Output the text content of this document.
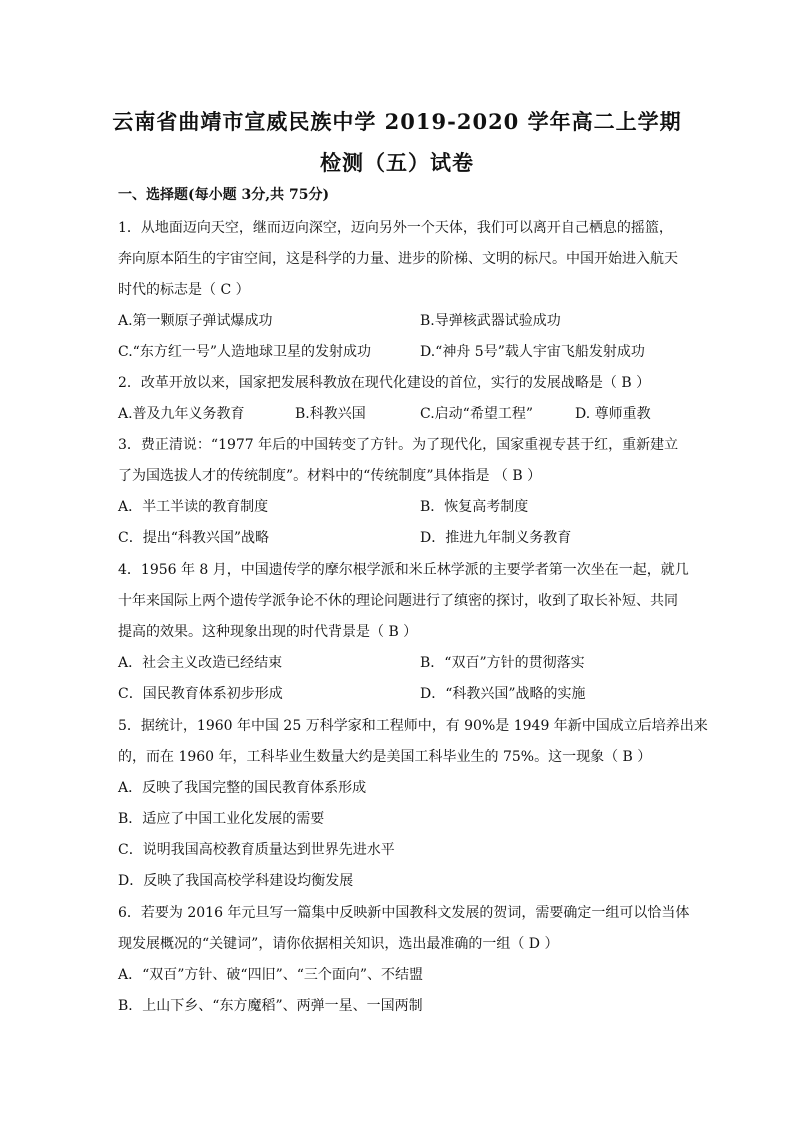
云南省曲靖市宣威民族中学 2019-2020 学年高二上学期
检测（五）试卷
一、选择题(每小题 3分,共 75分)
1．从地面迈向天空，继而迈向深空，迈向另外一个天体，我们可以离开自己栖息的摇篮，
奔向原本陌生的宇宙空间，这是科学的力量、进步的阶梯、文明的标尺。中国开始进入航天
时代的标志是（ C ）
A.第一颗原子弹试爆成功	B.导弹核武器试验成功
C.“东方红一号”人造地球卫星的发射成功	D.“神舟 5号”载人宇宙飞船发射成功
2．改革开放以来，国家把发展科教放在现代化建设的首位，实行的发展战略是（ B ）
A.普及九年义务教育	B.科教兴国	C.启动“希望工程”	D. 尊师重教
3．费正清说：“1977 年后的中国转变了方针。为了现代化，国家重视专甚于红，重新建立
了为国选拔人才的传统制度”。材料中的“传统制度”具体指是 （ B ）
A．半工半读的教育制度	B．恢复高考制度
C．提出“科教兴国”战略	D．推进九年制义务教育
4．1956 年 8 月，中国遗传学的摩尔根学派和米丘林学派的主要学者第一次坐在一起，就几
十年来国际上两个遗传学派争论不休的理论问题进行了缜密的探讨，收到了取长补短、共同
提高的效果。这种现象出现的时代背景是（ B ）
A．社会主义改造已经结束	B．“双百”方针的贯彻落实
C．国民教育体系初步形成	D．“科教兴国”战略的实施
5．据统计，1960 年中国 25 万科学家和工程师中，有 90%是 1949 年新中国成立后培养出来
的，而在 1960 年，工科毕业生数量大约是美国工科毕业生的 75%。这一现象（ B ）
A．反映了我国完整的国民教育体系形成
B．适应了中国工业化发展的需要
C．说明我国高校教育质量达到世界先进水平
D．反映了我国高校学科建设均衡发展
6．若要为 2016 年元旦写一篇集中反映新中国教科文发展的贺词，需要确定一组可以恰当体
现发展概况的“关键词”，请你依据相关知识，选出最准确的一组（ D ）
A．“双百”方针、破“四旧”、“三个面向”、不结盟
B．上山下乡、“东方魔稻”、两弹一星、一国两制
